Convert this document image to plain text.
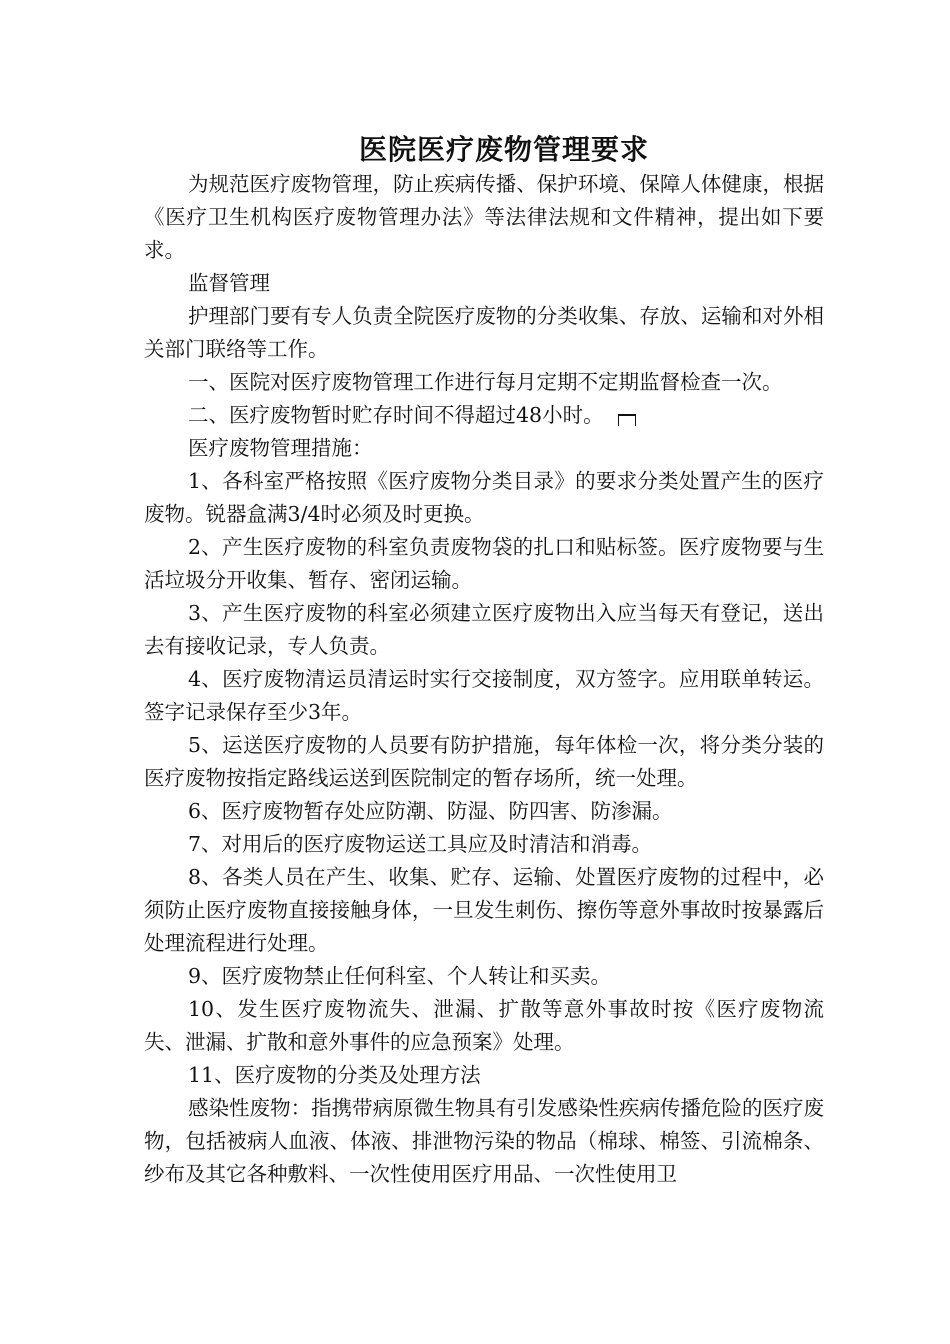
医院医疗废物管理要求

为规范医疗废物管理，防止疾病传播、保护环境、保障人体健康，根据《医疗卫生机构医疗废物管理办法》等法律法规和文件精神，提出如下要求。

监督管理

护理部门要有专人负责全院医疗废物的分类收集、存放、运输和对外相关部门联络等工作。

一、医院对医疗废物管理工作进行每月定期不定期监督检查一次。

二、医疗废物暂时贮存时间不得超过48小时。

医疗废物管理措施：

1、各科室严格按照《医疗废物分类目录》的要求分类处置产生的医疗废物。锐器盒满3/4时必须及时更换。

2、产生医疗废物的科室负责废物袋的扎口和贴标签。医疗废物要与生活垃圾分开收集、暂存、密闭运输。

3、产生医疗废物的科室必须建立医疗废物出入应当每天有登记，送出去有接收记录，专人负责。

4、医疗废物清运员清运时实行交接制度，双方签字。应用联单转运。签字记录保存至少3年。

5、运送医疗废物的人员要有防护措施，每年体检一次，将分类分装的医疗废物按指定路线运送到医院制定的暂存场所，统一处理。

6、医疗废物暂存处应防潮、防湿、防四害、防渗漏。

7、对用后的医疗废物运送工具应及时清洁和消毒。

8、各类人员在产生、收集、贮存、运输、处置医疗废物的过程中，必须防止医疗废物直接接触身体，一旦发生刺伤、擦伤等意外事故时按暴露后处理流程进行处理。

9、医疗废物禁止任何科室、个人转让和买卖。

10、发生医疗废物流失、泄漏、扩散等意外事故时按《医疗废物流失、泄漏、扩散和意外事件的应急预案》处理。

11、医疗废物的分类及处理方法

感染性废物：指携带病原微生物具有引发感染性疾病传播危险的医疗废物，包括被病人血液、体液、排泄物污染的物品（棉球、棉签、引流棉条、纱布及其它各种敷料、一次性使用医疗用品、一次性使用卫
